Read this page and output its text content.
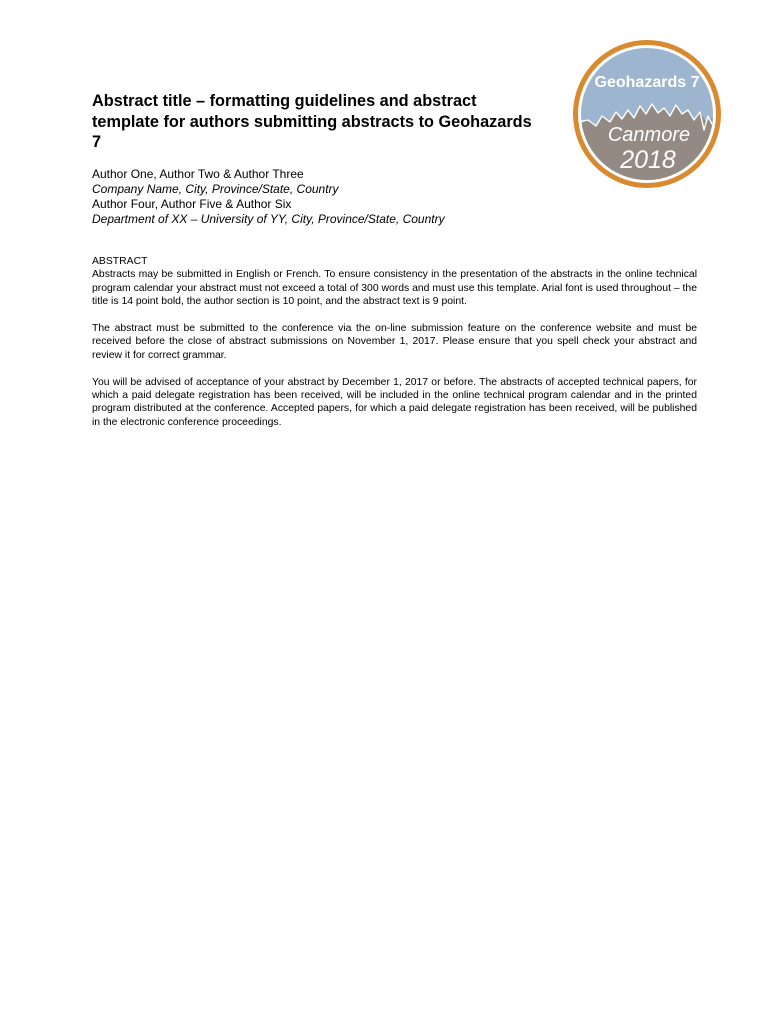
Geohazards 7
Canmore
2018
Abstract title – formatting guidelines and abstract template for authors submitting abstracts to Geohazards 7
Author One, Author Two & Author Three
Company Name, City, Province/State, Country
Author Four, Author Five & Author Six
Department of XX – University of YY, City, Province/State, Country
ABSTRACT

Abstracts may be submitted in English or French. To ensure consistency in the presentation of the abstracts in the online technical program calendar your abstract must not exceed a total of 300 words and must use this template. Arial font is used throughout – the title is 14 point bold, the author section is 10 point, and the abstract text is 9 point.

The abstract must be submitted to the conference via the on-line submission feature on the conference website and must be received before the close of abstract submissions on November 1, 2017. Please ensure that you spell check your abstract and review it for correct grammar.

You will be advised of acceptance of your abstract by December 1, 2017 or before. The abstracts of accepted technical papers, for which a paid delegate registration has been received, will be included in the online technical program calendar and in the printed program distributed at the conference. Accepted papers, for which a paid delegate registration has been received, will be published in the electronic conference proceedings.
